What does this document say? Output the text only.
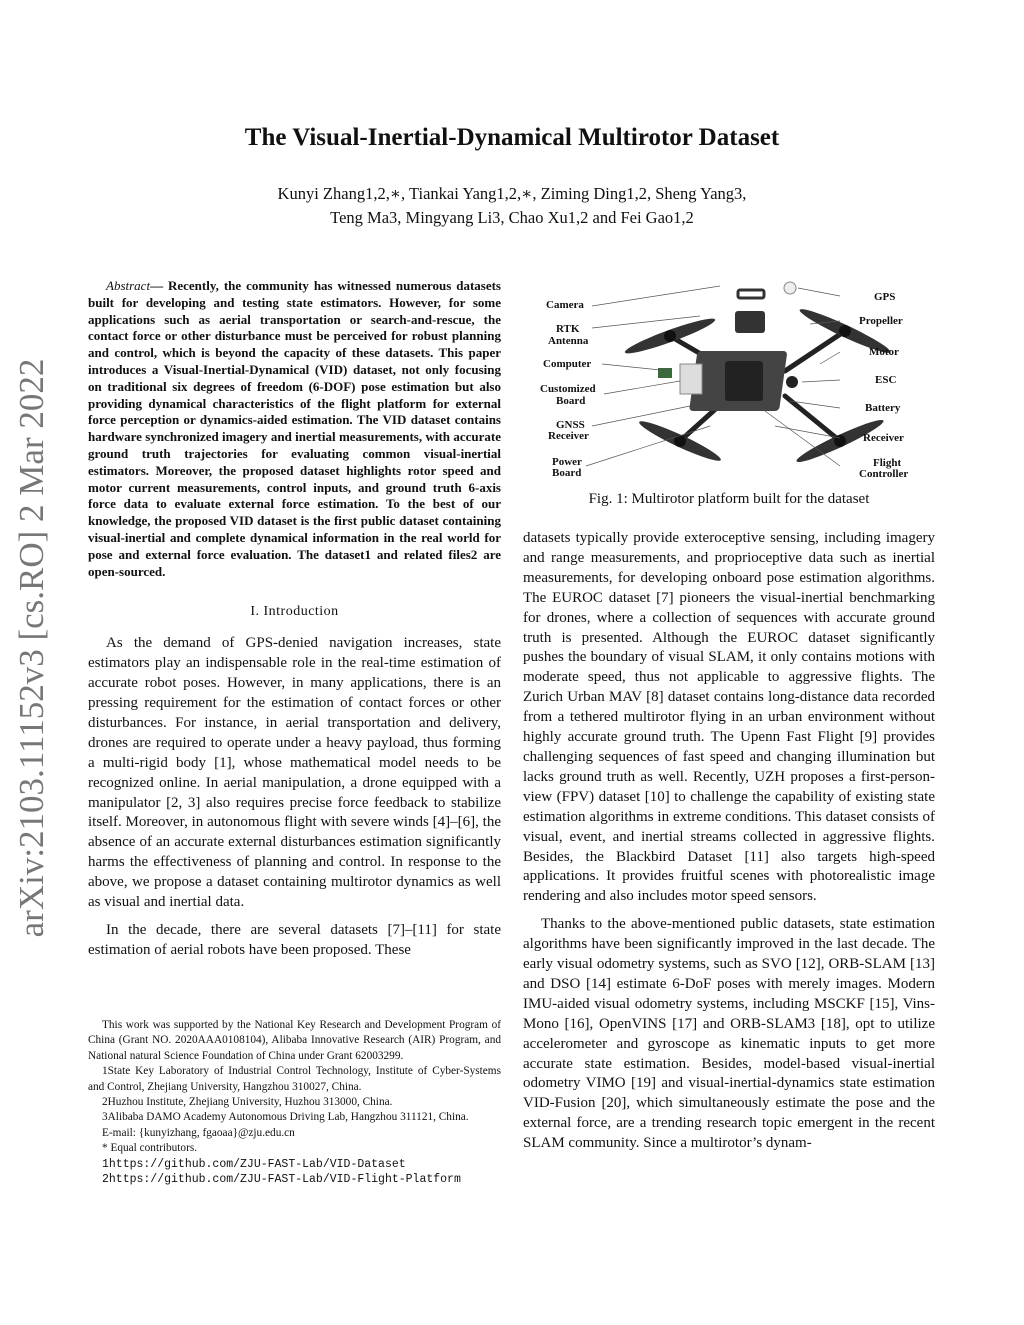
arXiv:2103.11152v3 [cs.RO] 2 Mar 2022
The Visual-Inertial-Dynamical Multirotor Dataset
Kunyi Zhang1,2,∗, Tiankai Yang1,2,∗, Ziming Ding1,2, Sheng Yang3,
Teng Ma3, Mingyang Li3, Chao Xu1,2 and Fei Gao1,2

Abstract— Recently, the community has witnessed numerous datasets built for developing and testing state estimators. However, for some applications such as aerial transportation or search-and-rescue, the contact force or other disturbance must be perceived for robust planning and control, which is beyond the capacity of these datasets. This paper introduces a Visual-Inertial-Dynamical (VID) dataset, not only focusing on traditional six degrees of freedom (6-DOF) pose estimation but also providing dynamical characteristics of the flight platform for external force perception or dynamics-aided estimation. The VID dataset contains hardware synchronized imagery and inertial measurements, with accurate ground truth trajectories for evaluating common visual-inertial estimators. Moreover, the proposed dataset highlights rotor speed and motor current measurements, control inputs, and ground truth 6-axis force data to evaluate external force estimation. To the best of our knowledge, the proposed VID dataset is the first public dataset containing visual-inertial and complete dynamical information in the real world for pose and external force evaluation. The dataset1 and related files2 are open-sourced.

I. Introduction

As the demand of GPS-denied navigation increases, state estimators play an indispensable role in the real-time estimation of accurate robot poses. However, in many applications, there is an pressing requirement for the estimation of contact forces or other disturbances. For instance, in aerial transportation and delivery, drones are required to operate under a heavy payload, thus forming a multi-rigid body [1], whose mathematical model needs to be recognized online. In aerial manipulation, a drone equipped with a manipulator [2, 3] also requires precise force feedback to stabilize itself. Moreover, in autonomous flight with severe winds [4]–[6], the absence of an accurate external disturbances estimation significantly harms the effectiveness of planning and control. In response to the above, we propose a dataset containing multirotor dynamics as well as visual and inertial data.

In the decade, there are several datasets [7]–[11] for state estimation of aerial robots have been proposed. These

This work was supported by the National Key Research and Development Program of China (Grant NO. 2020AAA0108104), Alibaba Innovative Research (AIR) Program, and National natural Science Foundation of China under Grant 62003299.

1State Key Laboratory of Industrial Control Technology, Institute of Cyber-Systems and Control, Zhejiang University, Hangzhou 310027, China.

2Huzhou Institute, Zhejiang University, Huzhou 313000, China.

3Alibaba DAMO Academy Autonomous Driving Lab, Hangzhou 311121, China.

E-mail: {kunyizhang, fgaoaa}@zju.edu.cn

* Equal contributors.

1https://github.com/ZJU-FAST-Lab/VID-Dataset

2https://github.com/ZJU-FAST-Lab/VID-Flight-Platform

Camera
RTK
Antenna
Computer
Customized
Board
GNSS
Receiver
Power
Board
GPS
Propeller
Motor
ESC
Battery
Receiver
Flight
Controller
Fig. 1: Multirotor platform built for the dataset

datasets typically provide exteroceptive sensing, including imagery and range measurements, and proprioceptive data such as inertial measurements, for developing onboard pose estimation algorithms. The EUROC dataset [7] pioneers the visual-inertial benchmarking for drones, where a collection of sequences with accurate ground truth is presented. Although the EUROC dataset significantly pushes the boundary of visual SLAM, it only contains motions with moderate speed, thus not applicable to aggressive flights. The Zurich Urban MAV [8] dataset contains long-distance data recorded from a tethered multirotor flying in an urban environment without highly accurate ground truth. The Upenn Fast Flight [9] provides challenging sequences of fast speed and changing illumination but lacks ground truth as well. Recently, UZH proposes a first-person-view (FPV) dataset [10] to challenge the capability of existing state estimation algorithms in extreme conditions. This dataset consists of visual, event, and inertial streams collected in aggressive flights. Besides, the Blackbird Dataset [11] also targets high-speed applications. It provides fruitful scenes with photorealistic image rendering and also includes motor speed sensors.

Thanks to the above-mentioned public datasets, state estimation algorithms have been significantly improved in the last decade. The early visual odometry systems, such as SVO [12], ORB-SLAM [13] and DSO [14] estimate 6-DoF poses with merely images. Modern IMU-aided visual odometry systems, including MSCKF [15], Vins-Mono [16], OpenVINS [17] and ORB-SLAM3 [18], opt to utilize accelerometer and gyroscope as kinematic inputs to get more accurate state estimation. Besides, model-based visual-inertial odometry VIMO [19] and visual-inertial-dynamics state estimation VID-Fusion [20], which simultaneously estimate the pose and the external force, are a trending research topic emergent in the recent SLAM community. Since a multirotor’s dynam-
